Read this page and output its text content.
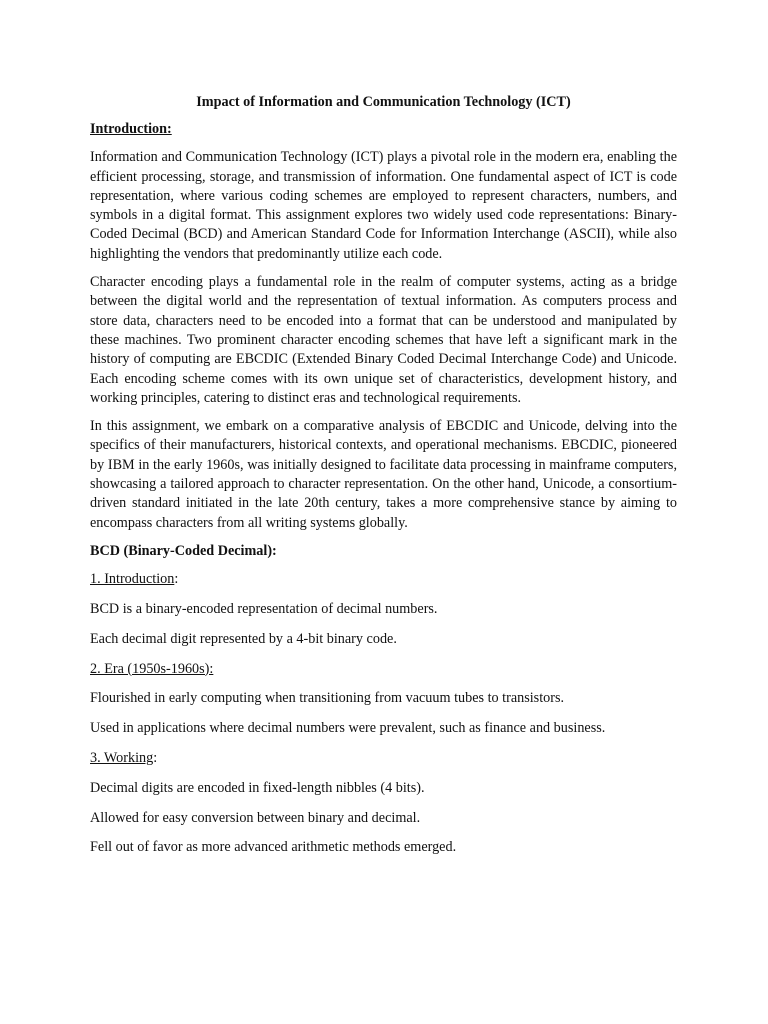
Impact of Information and Communication Technology (ICT)
Introduction:

Information and Communication Technology (ICT) plays a pivotal role in the modern era, enabling the efficient processing, storage, and transmission of information. One fundamental aspect of ICT is code representation, where various coding schemes are employed to represent characters, numbers, and symbols in a digital format. This assignment explores two widely used code representations: Binary-Coded Decimal (BCD) and American Standard Code for Information Interchange (ASCII), while also highlighting the vendors that predominantly utilize each code.

Character encoding plays a fundamental role in the realm of computer systems, acting as a bridge between the digital world and the representation of textual information. As computers process and store data, characters need to be encoded into a format that can be understood and manipulated by these machines. Two prominent character encoding schemes that have left a significant mark in the history of computing are EBCDIC (Extended Binary Coded Decimal Interchange Code) and Unicode. Each encoding scheme comes with its own unique set of characteristics, development history, and working principles, catering to distinct eras and technological requirements.

In this assignment, we embark on a comparative analysis of EBCDIC and Unicode, delving into the specifics of their manufacturers, historical contexts, and operational mechanisms. EBCDIC, pioneered by IBM in the early 1960s, was initially designed to facilitate data processing in mainframe computers, showcasing a tailored approach to character representation. On the other hand, Unicode, a consortium-driven standard initiated in the late 20th century, takes a more comprehensive stance by aiming to encompass characters from all writing systems globally.

BCD (Binary-Coded Decimal):
1. Introduction:
BCD is a binary-encoded representation of decimal numbers.
Each decimal digit represented by a 4-bit binary code.
2. Era (1950s-1960s):
Flourished in early computing when transitioning from vacuum tubes to transistors.
Used in applications where decimal numbers were prevalent, such as finance and business.
3. Working:
Decimal digits are encoded in fixed-length nibbles (4 bits).
Allowed for easy conversion between binary and decimal.
Fell out of favor as more advanced arithmetic methods emerged.
